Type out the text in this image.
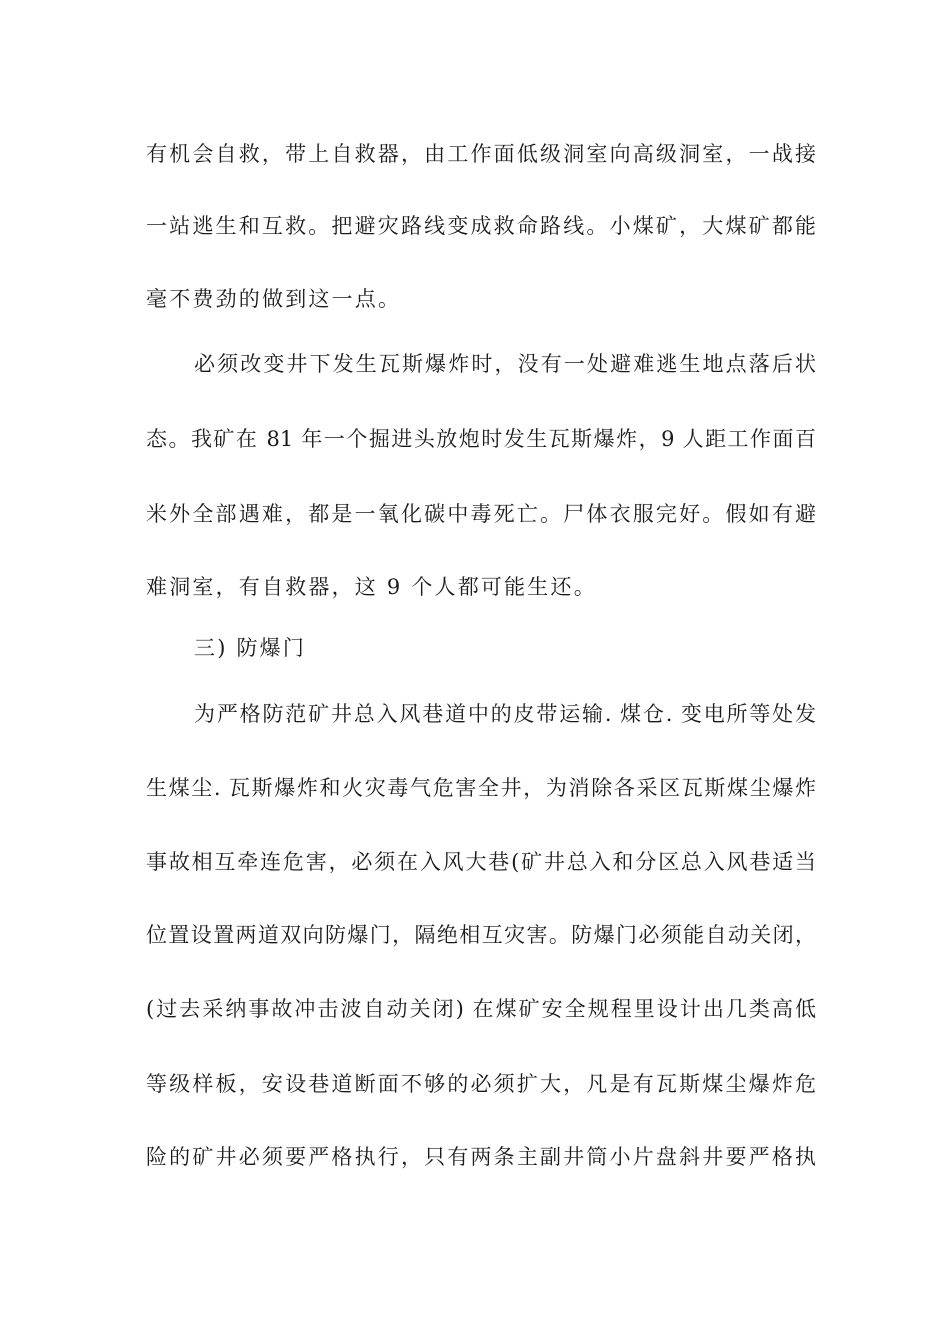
有机会自救，带上自救器，由工作面低级洞室向高级洞室，一战接
一站逃生和互救。把避灾路线变成救命路线。小煤矿，大煤矿都能
毫不费劲的做到这一点。
必须改变井下发生瓦斯爆炸时，没有一处避难逃生地点落后状
态。我矿在 81 年一个掘进头放炮时发生瓦斯爆炸，9 人距工作面百
米外全部遇难，都是一氧化碳中毒死亡。尸体衣服完好。假如有避
难洞室，有自救器，这 9 个人都可能生还。
三) 防爆门
为严格防范矿井总入风巷道中的皮带运输. 煤仓. 变电所等处发
生煤尘. 瓦斯爆炸和火灾毒气危害全井，为消除各采区瓦斯煤尘爆炸
事故相互牵连危害，必须在入风大巷(矿井总入和分区总入风巷适当
位置设置两道双向防爆门，隔绝相互灾害。防爆门必须能自动关闭，
(过去采纳事故冲击波自动关闭) 在煤矿安全规程里设计出几类高低
等级样板，安设巷道断面不够的必须扩大，凡是有瓦斯煤尘爆炸危
险的矿井必须要严格执行，只有两条主副井筒小片盘斜井要严格执
